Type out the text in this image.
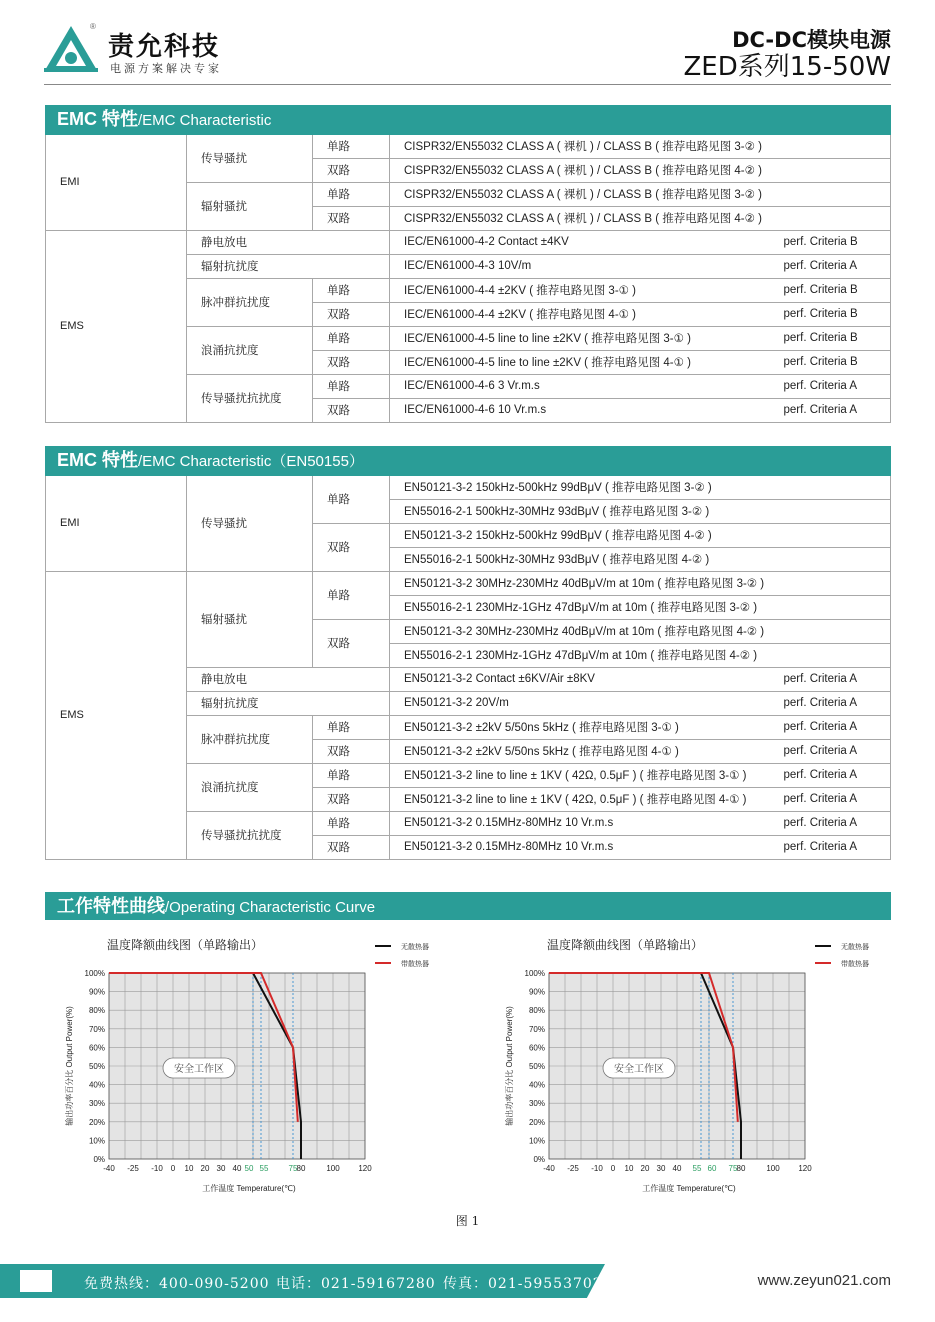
®
责允科技
电源方案解决专家
DC-DC模块电源
ZED系列15-50W
EMC 特性/EMC Characteristic
EMI	传导骚扰	单路	CISPR32/EN55032 CLASS A ( 裸机 ) / CLASS B ( 推荐电路见图 3-② )	
		双路	CISPR32/EN55032 CLASS A ( 裸机 ) / CLASS B ( 推荐电路见图 4-② )	
	辐射骚扰	单路	CISPR32/EN55032 CLASS A ( 裸机 ) / CLASS B ( 推荐电路见图 3-② )	
		双路	CISPR32/EN55032 CLASS A ( 裸机 ) / CLASS B ( 推荐电路见图 4-② )	
EMS	静电放电		IEC/EN61000-4-2 Contact ±4KV	perf. Criteria B
	辐射抗扰度		IEC/EN61000-4-3 10V/m	perf. Criteria A
	脉冲群抗扰度	单路	IEC/EN61000-4-4 ±2KV ( 推荐电路见图 3-① )	perf. Criteria B
		双路	IEC/EN61000-4-4 ±2KV ( 推荐电路见图 4-① )	perf. Criteria B
	浪涌抗扰度	单路	IEC/EN61000-4-5 line to line ±2KV ( 推荐电路见图 3-① )	perf. Criteria B
		双路	IEC/EN61000-4-5 line to line ±2KV ( 推荐电路见图 4-① )	perf. Criteria B
	传导骚扰抗扰度	单路	IEC/EN61000-4-6 3 Vr.m.s	perf. Criteria A
		双路	IEC/EN61000-4-6 10 Vr.m.s	perf. Criteria A
EMC 特性/EMC Characteristic（EN50155）
EMI	传导骚扰	单路	EN50121-3-2 150kHz-500kHz 99dBμV ( 推荐电路见图 3-② )	
			EN55016-2-1 500kHz-30MHz 93dBμV ( 推荐电路见图 3-② )	
		双路	EN50121-3-2 150kHz-500kHz 99dBμV ( 推荐电路见图 4-② )	
			EN55016-2-1 500kHz-30MHz 93dBμV ( 推荐电路见图 4-② )	
EMS	辐射骚扰	单路	EN50121-3-2 30MHz-230MHz 40dBμV/m at 10m ( 推荐电路见图 3-② )	
			EN55016-2-1 230MHz-1GHz 47dBμV/m at 10m ( 推荐电路见图 3-② )	
		双路	EN50121-3-2 30MHz-230MHz 40dBμV/m at 10m ( 推荐电路见图 4-② )	
			EN55016-2-1 230MHz-1GHz 47dBμV/m at 10m ( 推荐电路见图 4-② )	
	静电放电		EN50121-3-2 Contact ±6KV/Air ±8KV	perf. Criteria A
	辐射抗扰度		EN50121-3-2 20V/m	perf. Criteria A
	脉冲群抗扰度	单路	EN50121-3-2 ±2kV 5/50ns 5kHz ( 推荐电路见图 3-① )	perf. Criteria A
		双路	EN50121-3-2 ±2kV 5/50ns 5kHz ( 推荐电路见图 4-① )	perf. Criteria A
	浪涌抗扰度	单路	EN50121-3-2 line to line ± 1KV ( 42Ω, 0.5μF ) ( 推荐电路见图 3-① )	perf. Criteria A
		双路	EN50121-3-2 line to line ± 1KV ( 42Ω, 0.5μF ) ( 推荐电路见图 4-① )	perf. Criteria A
	传导骚扰抗扰度	单路	EN50121-3-2 0.15MHz-80MHz 10 Vr.m.s	perf. Criteria A
		双路	EN50121-3-2 0.15MHz-80MHz 10 Vr.m.s	perf. Criteria A
工作特性曲线/Operating Characteristic Curve
温度降额曲线图（单路输出）
0%
10%
20%
30%
40%
50%
60%
70%
80%
90%
100%
-40 -25 -10 0 10 20 30 40 50 55	75 80	100 120
工作温度 Temperature(℃)
输出功率百分比 Output Power(%)	安全工作区
无散热器
带散热器
温度降额曲线图（单路输出）
0%
10%
20%
30%
40%
50%
60%
70%
80%
90%
100%
-40 -25 -10 0 10 20 30 40 55 60 75 80	100 120
工作温度 Temperature(℃)
输出功率百分比 Output Power(%)	安全工作区
无散热器
带散热器
图 1
免费热线：400-090-5200 电话：021-59167280 传真：021-59553702	www.zeyun021.com
